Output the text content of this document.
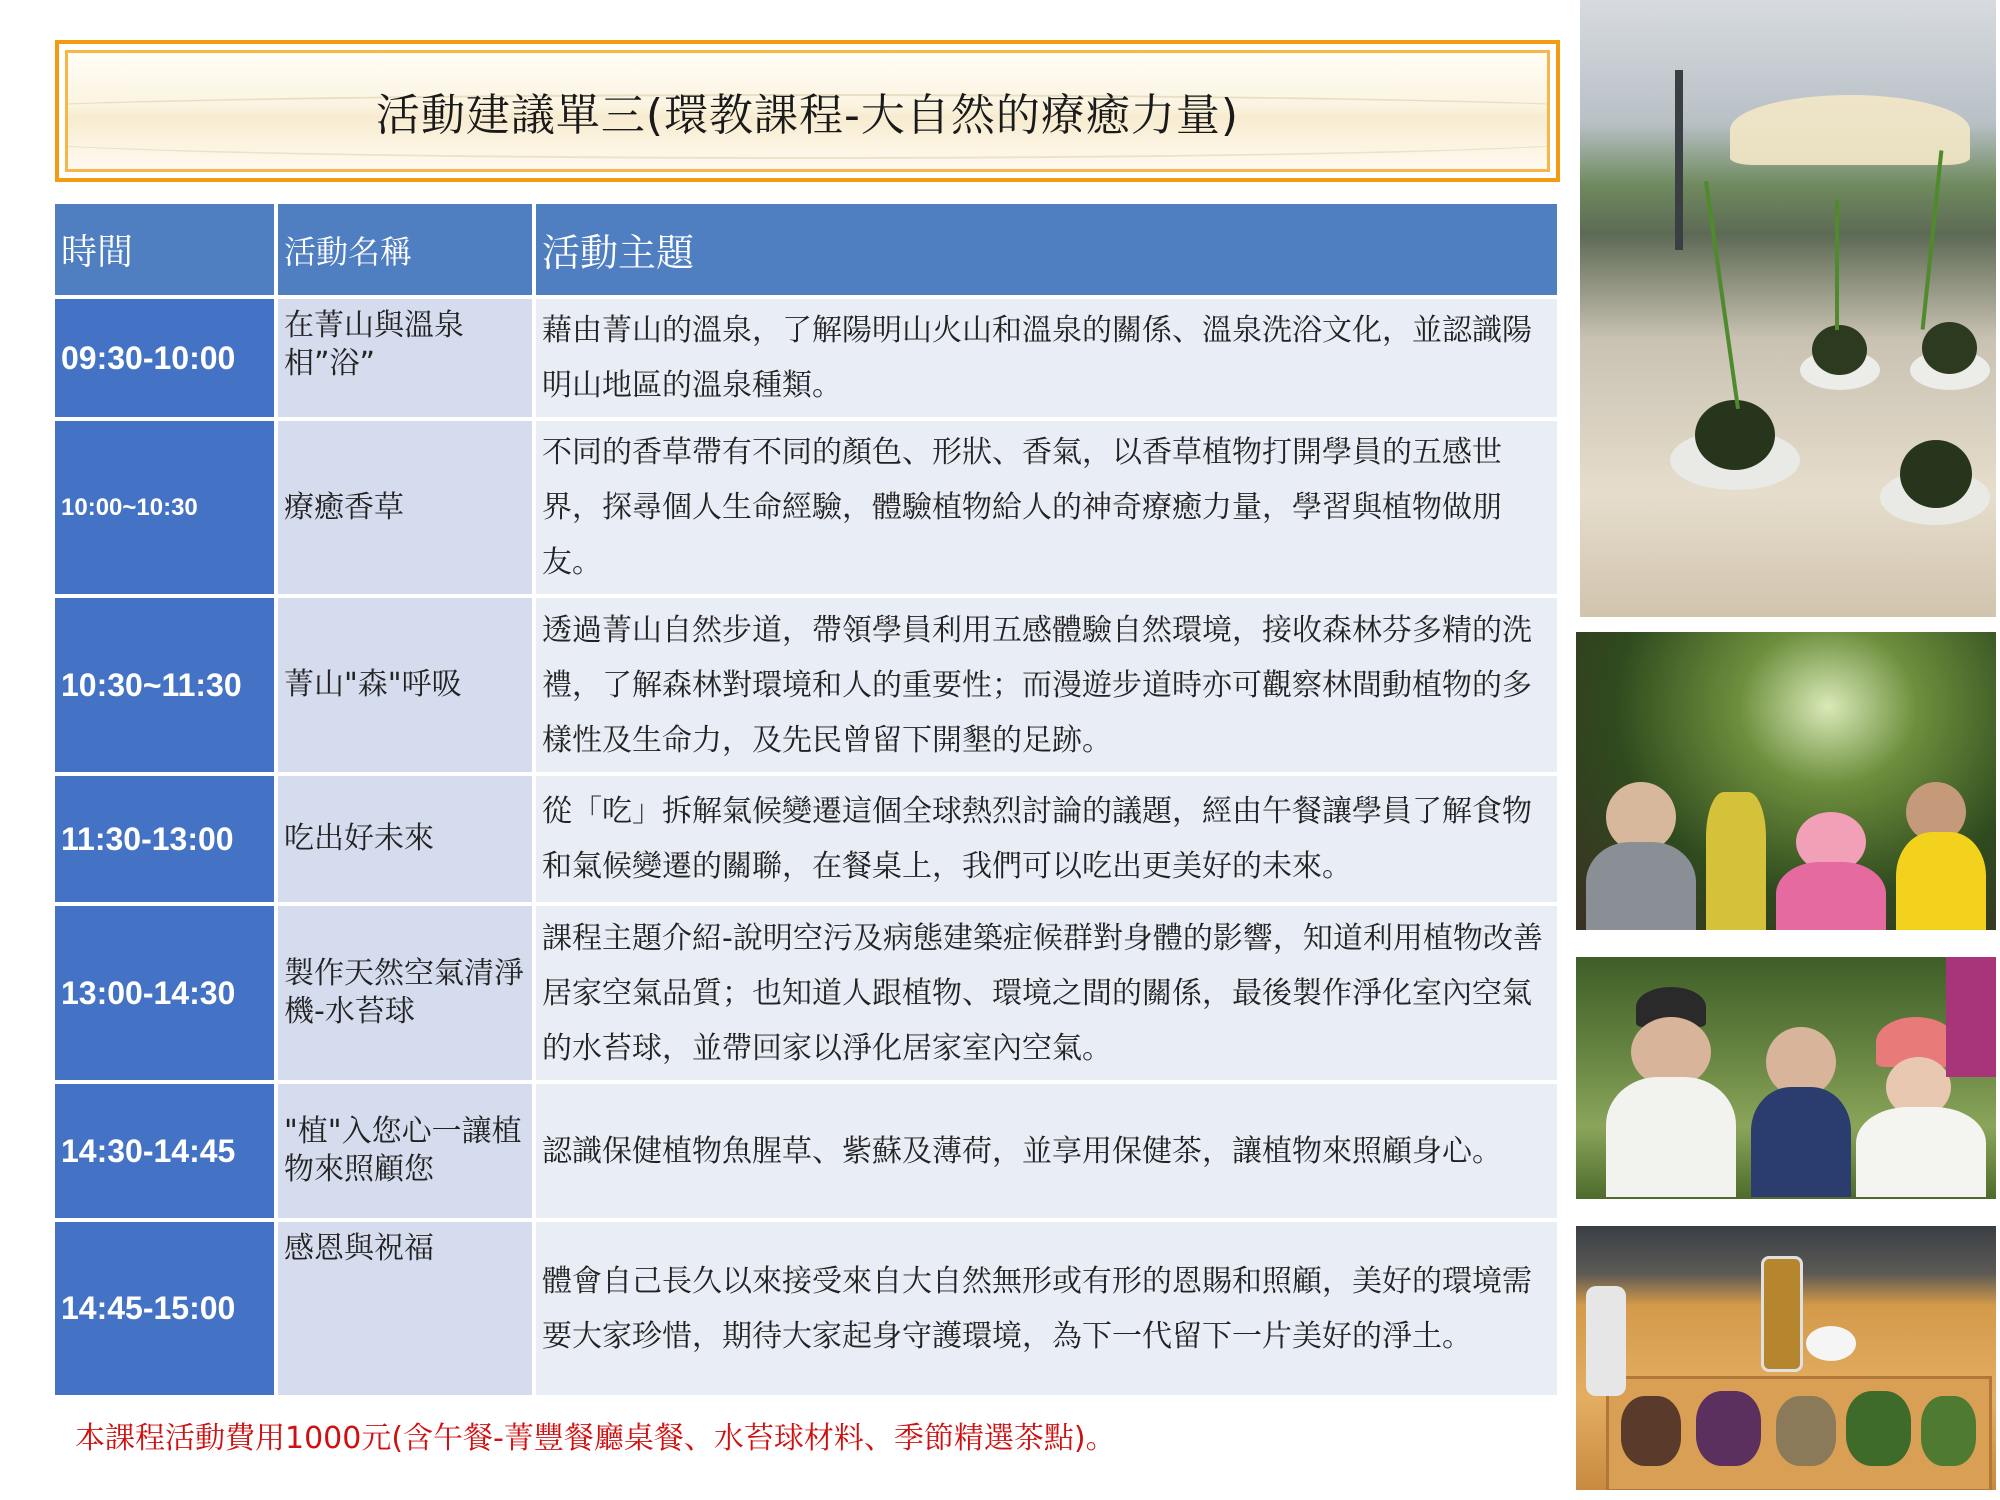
活動建議單三(環教課程-大自然的療癒力量)
時間	活動名稱	活動主題
09:30-10:00	在菁山與溫泉相”浴”	藉由菁山的溫泉，了解陽明山火山和溫泉的關係、溫泉洗浴文化，並認識陽明山地區的溫泉種類。
10:00~10:30	療癒香草	不同的香草帶有不同的顏色、形狀、香氣，以香草植物打開學員的五感世界，探尋個人生命經驗，體驗植物給人的神奇療癒力量，學習與植物做朋友。
10:30~11:30	菁山"森"呼吸	透過菁山自然步道，帶領學員利用五感體驗自然環境，接收森林芬多精的洗禮，了解森林對環境和人的重要性；而漫遊步道時亦可觀察林間動植物的多樣性及生命力，及先民曾留下開墾的足跡。
11:30-13:00	吃出好未來	從「吃」拆解氣候變遷這個全球熱烈討論的議題，經由午餐讓學員了解食物和氣候變遷的關聯，在餐桌上，我們可以吃出更美好的未來。
13:00-14:30	製作天然空氣清淨機-水苔球	課程主題介紹-說明空污及病態建築症候群對身體的影響，知道利用植物改善居家空氣品質；也知道人跟植物、環境之間的關係，最後製作淨化室內空氣的水苔球，並帶回家以淨化居家室內空氣。
14:30-14:45	"植"入您心一讓植物來照顧您	認識保健植物魚腥草、紫蘇及薄荷，並享用保健茶，讓植物來照顧身心。
14:45-15:00	感恩與祝福	體會自己長久以來接受來自大自然無形或有形的恩賜和照顧，美好的環境需要大家珍惜，期待大家起身守護環境，為下一代留下一片美好的淨土。
本課程活動費用1000元(含午餐-菁豐餐廳桌餐、水苔球材料、季節精選茶點)。
